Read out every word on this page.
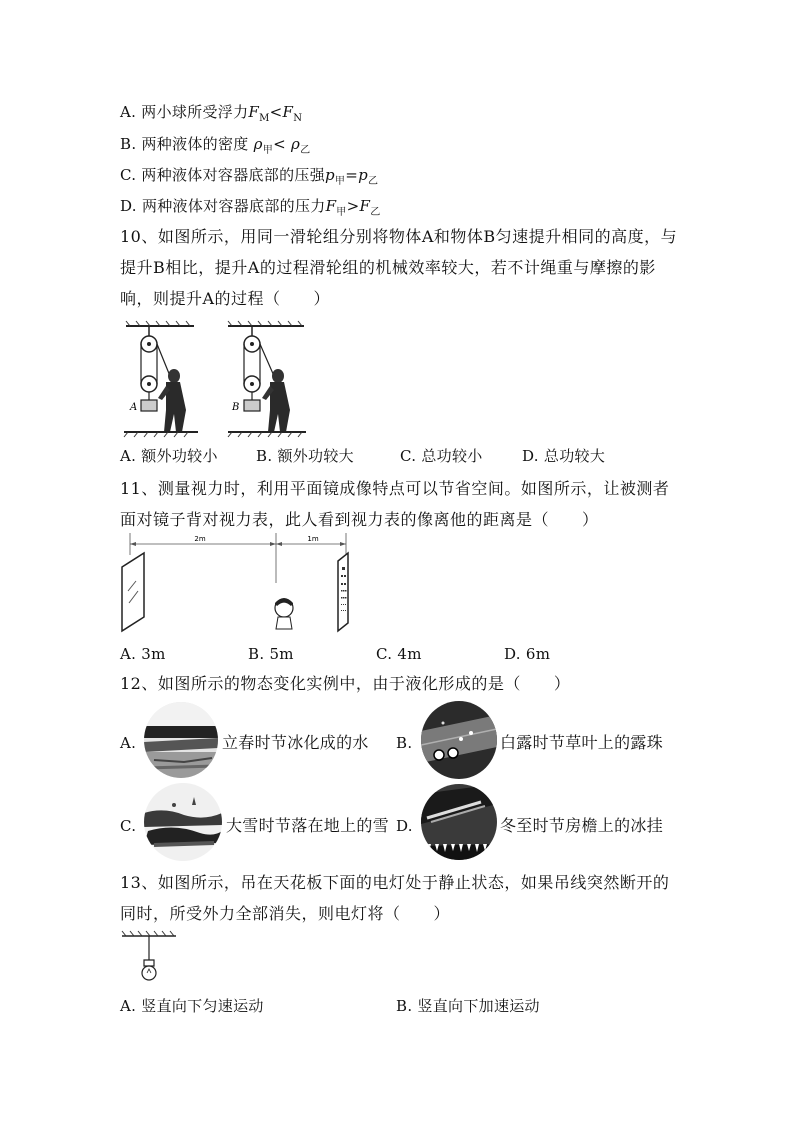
A. 两小球所受浮力$F_M<F_N$
B. 两种液体的密度 $\rho_甲< \rho_乙$
C. 两种液体对容器底部的压强$p_甲=p_乙$
D. 两种液体对容器底部的压力$F_甲>F_乙$
10、如图所示，用同一滑轮组分别将物体A和物体B匀速提升相同的高度，与提升B相比，提升A的过程滑轮组的机械效率较大，若不计绳重与摩擦的影响，则提升A的过程（　　）
A	B
A. 额外功较小	B. 额外功较大	C. 总功较小	D. 总功较大
11、测量视力时，利用平面镜成像特点可以节省空间。如图所示，让被测者面对镜子背对视力表，此人看到视力表的像离他的距离是（　　）
2m	1m
A. 3m	B. 5m	C. 4m	D. 6m
12、如图所示的物态变化实例中，由于液化形成的是（　　）
A.	立春时节冰化成的水 B.	白露时节草叶上的露珠
C.	大雪时节落在地上的雪 D.	冬至时节房檐上的冰挂
13、如图所示，吊在天花板下面的电灯处于静止状态，如果吊线突然断开的同时，所受外力全部消失，则电灯将（　　）
A. 竖直向下匀速运动	B. 竖直向下加速运动
